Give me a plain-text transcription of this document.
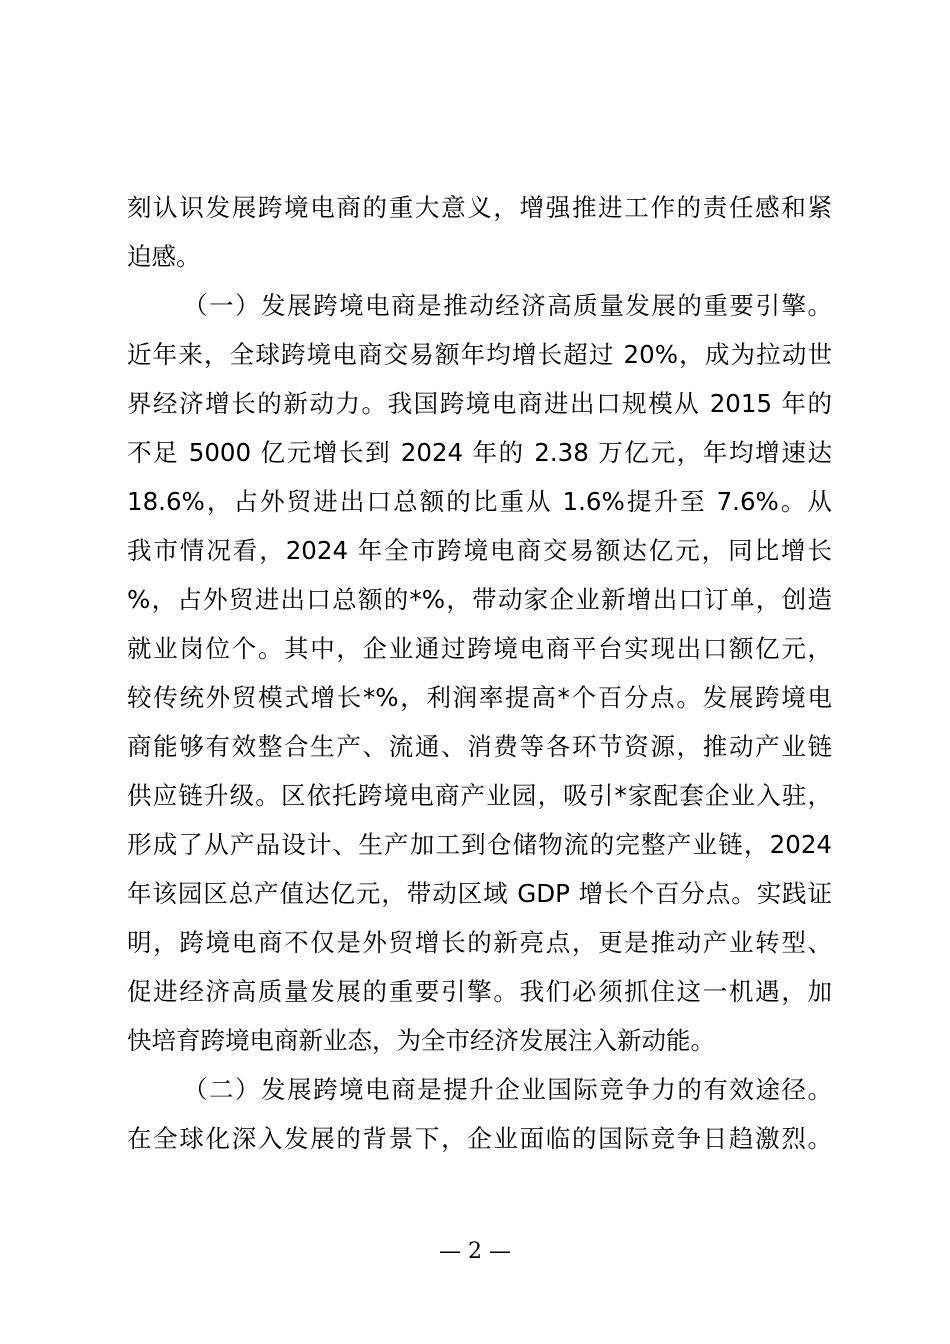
刻认识发展跨境电商的重大意义，增强推进工作的责任感和紧
迫感。
（一）发展跨境电商是推动经济高质量发展的重要引擎。
近年来，全球跨境电商交易额年均增长超过 20%，成为拉动世
界经济增长的新动力。我国跨境电商进出口规模从 2015 年的
不足 5000 亿元增长到 2024 年的 2.38 万亿元，年均增速达
18.6%，占外贸进出口总额的比重从 1.6%提升至 7.6%。从
我市情况看，2024 年全市跨境电商交易额达亿元，同比增长
%，占外贸进出口总额的*%，带动家企业新增出口订单，创造
就业岗位个。其中，企业通过跨境电商平台实现出口额亿元，
较传统外贸模式增长*%，利润率提高*个百分点。发展跨境电
商能够有效整合生产、流通、消费等各环节资源，推动产业链
供应链升级。区依托跨境电商产业园，吸引*家配套企业入驻，
形成了从产品设计、生产加工到仓储物流的完整产业链，2024
年该园区总产值达亿元，带动区域 GDP 增长个百分点。实践证
明，跨境电商不仅是外贸增长的新亮点，更是推动产业转型、
促进经济高质量发展的重要引擎。我们必须抓住这一机遇，加
快培育跨境电商新业态，为全市经济发展注入新动能。
（二）发展跨境电商是提升企业国际竞争力的有效途径。
在全球化深入发展的背景下，企业面临的国际竞争日趋激烈。
— 2 —
